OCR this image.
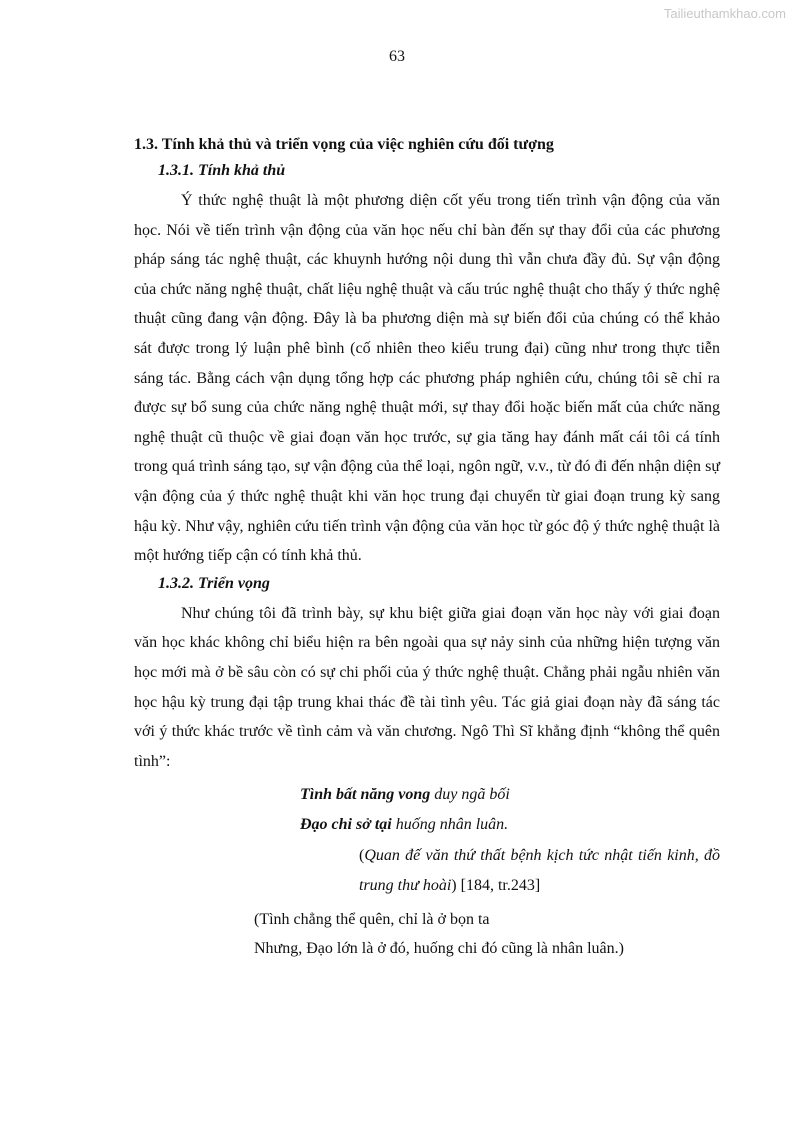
Tailieuthamkhao.com
63

1.3. Tính khả thủ và triển vọng của việc nghiên cứu đối tượng

1.3.1. Tính khả thủ

Ý thức nghệ thuật là một phương diện cốt yếu trong tiến trình vận động của văn học. Nói về tiến trình vận động của văn học nếu chỉ bàn đến sự thay đổi của các phương pháp sáng tác nghệ thuật, các khuynh hướng nội dung thì vẫn chưa đầy đủ. Sự vận động của chức năng nghệ thuật, chất liệu nghệ thuật và cấu trúc nghệ thuật cho thấy ý thức nghệ thuật cũng đang vận động. Đây là ba phương diện mà sự biến đổi của chúng có thể khảo sát được trong lý luận phê bình (cố nhiên theo kiểu trung đại) cũng như trong thực tiễn sáng tác. Bằng cách vận dụng tổng hợp các phương pháp nghiên cứu, chúng tôi sẽ chỉ ra được sự bổ sung của chức năng nghệ thuật mới, sự thay đổi hoặc biến mất của chức năng nghệ thuật cũ thuộc về giai đoạn văn học trước, sự gia tăng hay đánh mất cái tôi cá tính trong quá trình sáng tạo, sự vận động của thể loại, ngôn ngữ, v.v., từ đó đi đến nhận diện sự vận động của ý thức nghệ thuật khi văn học trung đại chuyển từ giai đoạn trung kỳ sang hậu kỳ. Như vậy, nghiên cứu tiến trình vận động của văn học từ góc độ ý thức nghệ thuật là một hướng tiếp cận có tính khả thủ.

1.3.2. Triển vọng

Như chúng tôi đã trình bày, sự khu biệt giữa giai đoạn văn học này với giai đoạn văn học khác không chỉ biểu hiện ra bên ngoài qua sự nảy sinh của những hiện tượng văn học mới mà ở bề sâu còn có sự chi phối của ý thức nghệ thuật. Chẳng phải ngẫu nhiên văn học hậu kỳ trung đại tập trung khai thác đề tài tình yêu. Tác giả giai đoạn này đã sáng tác với ý thức khác trước về tình cảm và văn chương. Ngô Thì Sĩ khẳng định “không thể quên tình”:

Tình bất năng vong duy ngã bối

Đạo chi sở tại huống nhân luân.

(Quan đế văn thứ thất bệnh kịch tức nhật tiến kinh, đồ trung thư hoài) [184, tr.243]

(Tình chẳng thể quên, chỉ là ở bọn ta

Nhưng, Đạo lớn là ở đó, huống chi đó cũng là nhân luân.)
